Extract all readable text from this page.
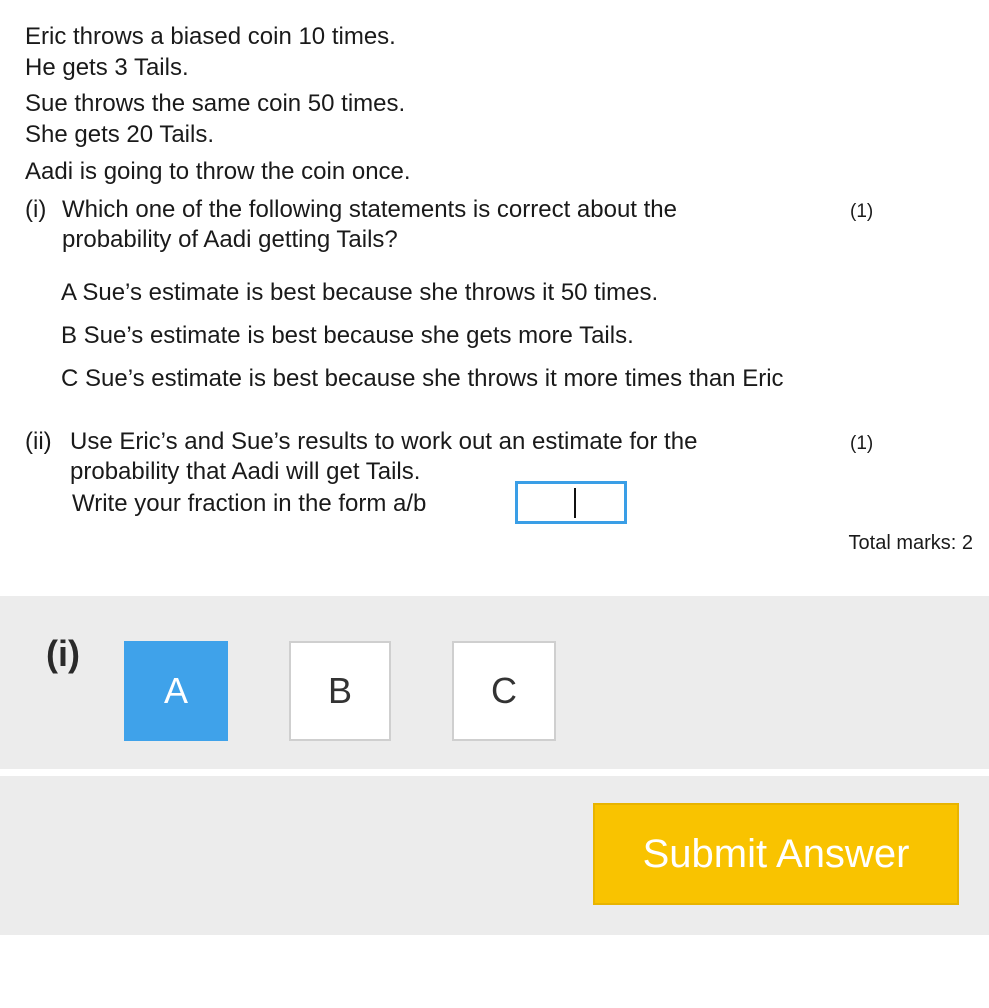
Eric throws a biased coin 10 times.
He gets 3 Tails.
Sue throws the same coin 50 times.
She gets 20 Tails.
Aadi is going to throw the coin once.
(i) Which one of the following statements is correct about the
probability of Aadi getting Tails?
(1)
A Sue’s estimate is best because she throws it 50 times.
B Sue’s estimate is best because she gets more Tails.
C Sue’s estimate is best because she throws it more times than Eric
(ii) Use Eric’s and Sue’s results to work out an estimate for the
probability that Aadi will get Tails.
Write your fraction in the form a/b
(1)
Total marks: 2
(i)
A	B	C
Submit Answer
